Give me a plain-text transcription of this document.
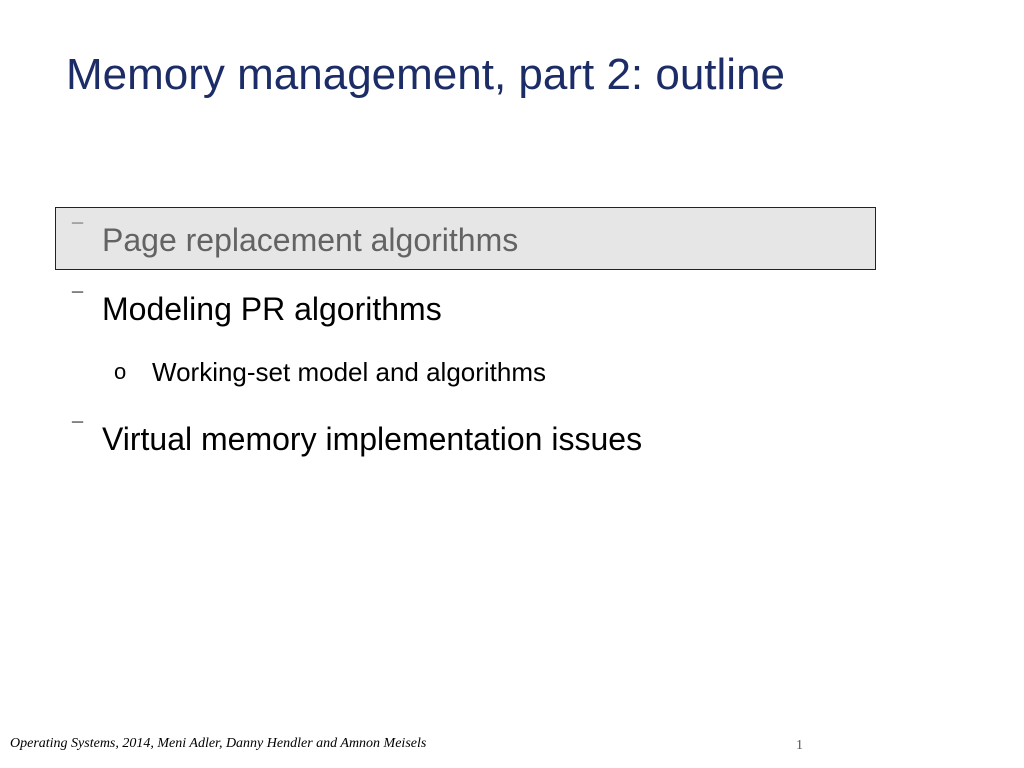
Memory management, part 2: outline
¯ Page replacement algorithms
¯ Modeling PR algorithms
o Working-set model and algorithms
¯ Virtual memory implementation issues
Operating Systems, 2014, Meni Adler, Danny Hendler and Amnon Meisels	1
